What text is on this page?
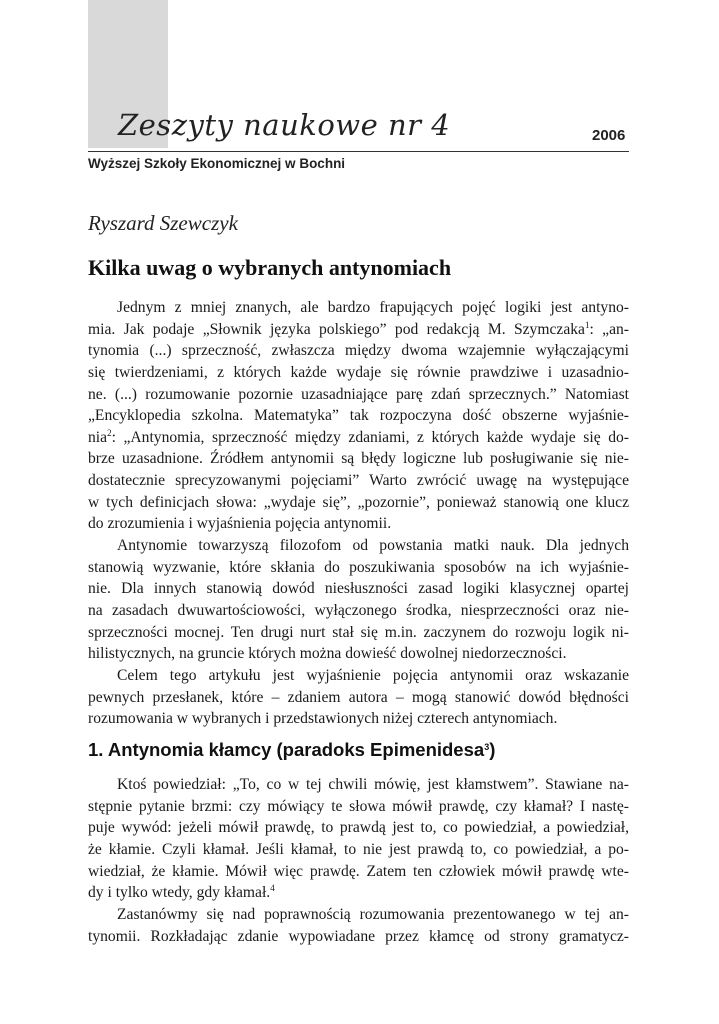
Zeszyty naukowe nr 4	2006
Wyższej Szkoły Ekonomicznej w Bochni
Ryszard Szewczyk
Kilka uwag o wybranych antynomiach
Jednym z mniej znanych, ale bardzo frapujących pojęć logiki jest antyno-
mia. Jak podaje „Słownik języka polskiego” pod redakcją M. Szymczaka$^1$: „an-
tynomia (...) sprzeczność, zwłaszcza między dwoma wzajemnie wyłączającymi
się twierdzeniami, z których każde wydaje się równie prawdziwe i uzasadnio-
ne. (...) rozumowanie pozornie uzasadniające parę zdań sprzecznych.” Natomiast
„Encyklopedia szkolna. Matematyka” tak rozpoczyna dość obszerne wyjaśnie-
nia$^2$: „Antynomia, sprzeczność między zdaniami, z których każde wydaje się do-
brze uzasadnione. Źródłem antynomii są błędy logiczne lub posługiwanie się nie-
dostatecznie sprecyzowanymi pojęciami” Warto zwrócić uwagę na występujące
w tych definicjach słowa: „wydaje się”, „pozornie”, ponieważ stanowią one klucz
do zrozumienia i wyjaśnienia pojęcia antynomii.
Antynomie towarzyszą filozofom od powstania matki nauk. Dla jednych
stanowią wyzwanie, które skłania do poszukiwania sposobów na ich wyjaśnie-
nie. Dla innych stanowią dowód niesłuszności zasad logiki klasycznej opartej
na zasadach dwuwartościowości, wyłączonego środka, niesprzeczności oraz nie-
sprzeczności mocnej. Ten drugi nurt stał się m.in. zaczynem do rozwoju logik ni-
hilistycznych, na gruncie których można dowieść dowolnej niedorzeczności.
Celem tego artykułu jest wyjaśnienie pojęcia antynomii oraz wskazanie
pewnych przesłanek, które – zdaniem autora – mogą stanowić dowód błędności
rozumowania w wybranych i przedstawionych niżej czterech antynomiach.
1. Antynomia kłamcy (paradoks Epimenidesa$^3$)
Ktoś powiedział: „To, co w tej chwili mówię, jest kłamstwem”. Stawiane na-
stępnie pytanie brzmi: czy mówiący te słowa mówił prawdę, czy kłamał? I nastę-
puje wywód: jeżeli mówił prawdę, to prawdą jest to, co powiedział, a powiedział,
że kłamie. Czyli kłamał. Jeśli kłamał, to nie jest prawdą to, co powiedział, a po-
wiedział, że kłamie. Mówił więc prawdę. Zatem ten człowiek mówił prawdę wte-
dy i tylko wtedy, gdy kłamał.$^4$
Zastanówmy się nad poprawnością rozumowania prezentowanego w tej an-
tynomii. Rozkładając zdanie wypowiadane przez kłamcę od strony gramatycz-
